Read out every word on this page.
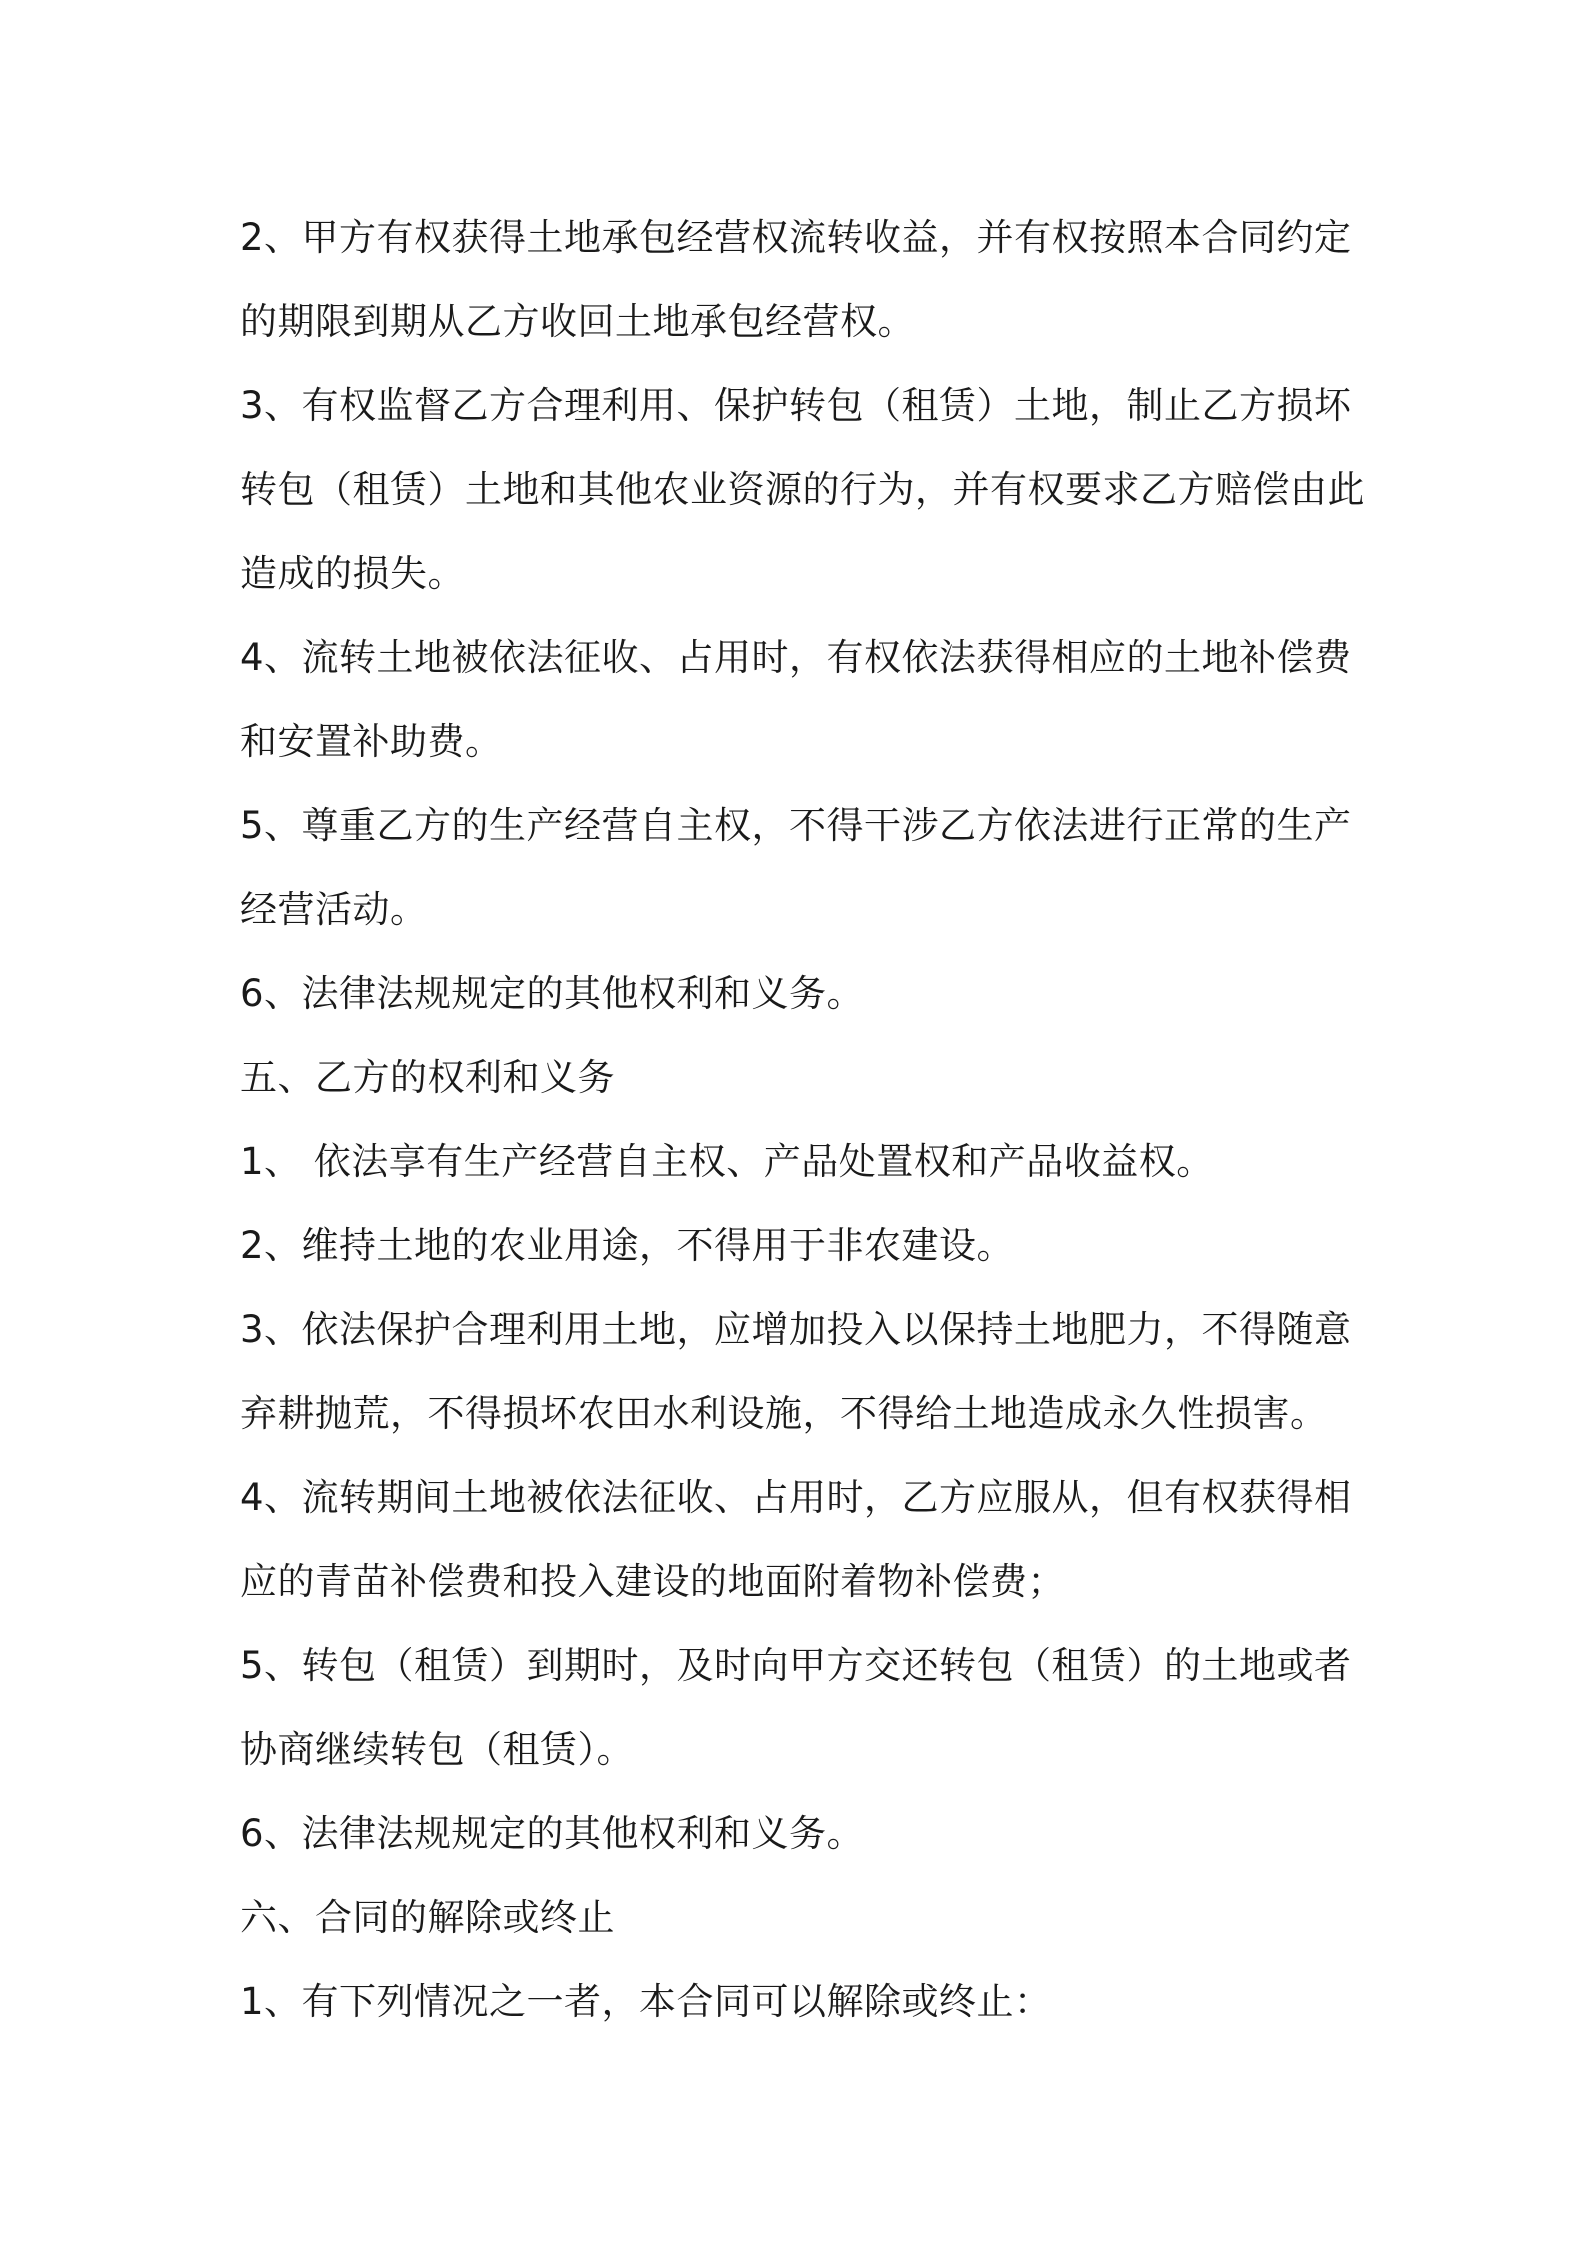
2、甲方有权获得土地承包经营权流转收益，并有权按照本合同约定
的期限到期从乙方收回土地承包经营权。
3、有权监督乙方合理利用、保护转包（租赁）土地，制止乙方损坏
转包（租赁）土地和其他农业资源的行为，并有权要求乙方赔偿由此
造成的损失。
4、流转土地被依法征收、占用时，有权依法获得相应的土地补偿费
和安置补助费。
5、尊重乙方的生产经营自主权，不得干涉乙方依法进行正常的生产
经营活动。
6、法律法规规定的其他权利和义务。
五、乙方的权利和义务
1、 依法享有生产经营自主权、产品处置权和产品收益权。
2、维持土地的农业用途，不得用于非农建设。
3、依法保护合理利用土地，应增加投入以保持土地肥力，不得随意
弃耕抛荒，不得损坏农田水利设施，不得给土地造成永久性损害。
4、流转期间土地被依法征收、占用时，乙方应服从，但有权获得相
应的青苗补偿费和投入建设的地面附着物补偿费；
5、转包（租赁）到期时，及时向甲方交还转包（租赁）的土地或者
协商继续转包（租赁）。
6、法律法规规定的其他权利和义务。
六、合同的解除或终止
1、有下列情况之一者，本合同可以解除或终止：
